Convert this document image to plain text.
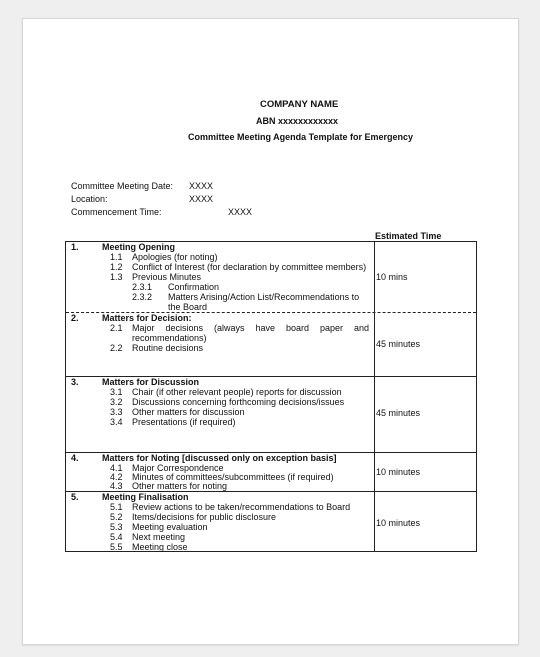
COMPANY NAME
ABN xxxxxxxxxxxx
Committee Meeting Agenda Template for Emergency
Committee Meeting Date: XXXX
Location:	XXXX
Commencement Time:	XXXX
Estimated Time
1.	Meeting Opening
1.1 Apologies (for noting)
1.2 Conflict of Interest (for declaration by committee members)
1.3 Previous Minutes
2.3.1 Confirmation
2.3.2 Matters Arising/Action List/Recommendations to
the Board
10 mins
2.	Matters for Decision:
2.1 Major decisions (always have board paper and
recommendations)
2.2 Routine decisions	45 minutes
3.	Matters for Discussion
3.1 Chair (if other relevant people) reports for discussion
3.2 Discussions concerning forthcoming decisions/issues
3.3 Other matters for discussion
3.4 Presentations (if required)
45 minutes
4.	Matters for Noting [discussed only on exception basis]
4.1 Major Correspondence
4.2 Minutes of committees/subcommittees (if required)
4.3 Other matters for noting
10 minutes
5.	Meeting Finalisation
5.1 Review actions to be taken/recommendations to Board
5.2 Items/decisions for public disclosure
5.3 Meeting evaluation
5.4 Next meeting
5.5 Meeting close
10 minutes
